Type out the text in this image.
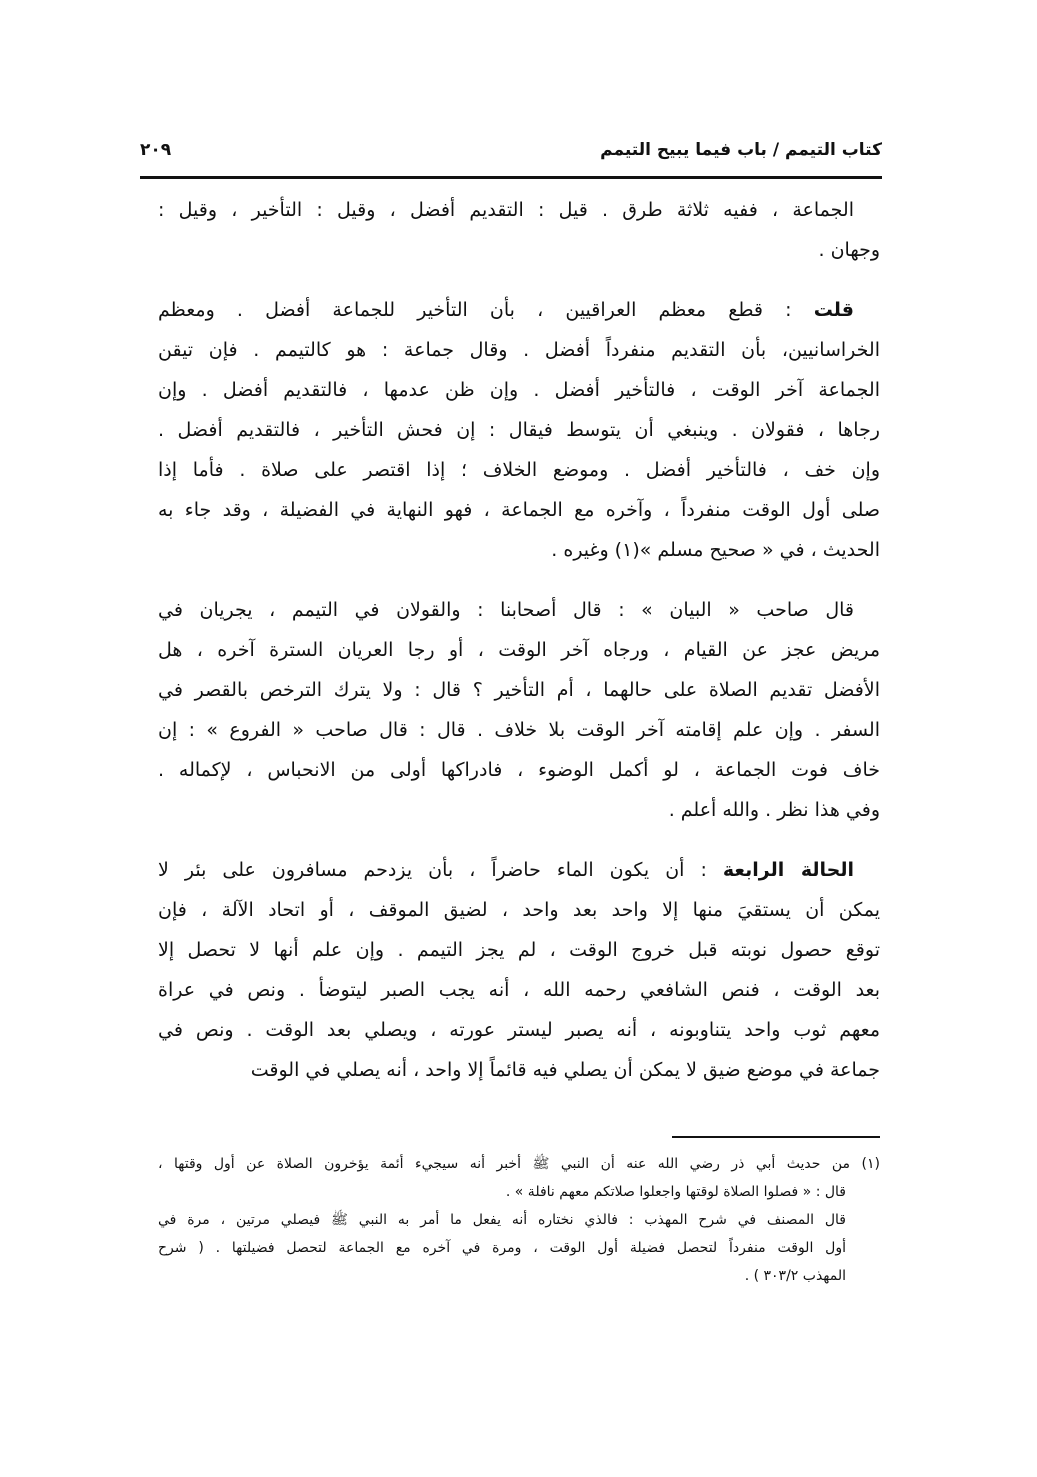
كتاب التيمم / باب فيما يبيح التيمم
٢٠٩
الجماعة ، ففيه ثلاثة طرق . قيل : التقديم أفضل ، وقيل : التأخير ، وقيل :
وجهان .
قلت : قطع معظم العراقيين ، بأن التأخير للجماعة أفضل . ومعظم
الخراسانيين، بأن التقديم منفرداً أفضل . وقال جماعة : هو كالتيمم . فإن تيقن
الجماعة آخر الوقت ، فالتأخير أفضل . وإن ظن عدمها ، فالتقديم أفضل . وإن
رجاها ، فقولان . وينبغي أن يتوسط فيقال : إن فحش التأخير ، فالتقديم أفضل .
وإن خف ، فالتأخير أفضل . وموضع الخلاف ؛ إذا اقتصر على صلاة . فأما إذا
صلى أول الوقت منفرداً ، وآخره مع الجماعة ، فهو النهاية في الفضيلة ، وقد جاء به
الحديث ، في « صحيح مسلم »(١) وغيره .
قال صاحب « البيان » : قال أصحابنا : والقولان في التيمم ، يجريان في
مريض عجز عن القيام ، ورجاه آخر الوقت ، أو رجا العريان السترة آخره ، هل
الأفضل تقديم الصلاة على حالهما ، أم التأخير ؟ قال : ولا يترك الترخص بالقصر في
السفر . وإن علم إقامته آخر الوقت بلا خلاف . قال : قال صاحب « الفروع » : إن
خاف فوت الجماعة ، لو أكمل الوضوء ، فادراكها أولى من الانحباس ، لإكماله .
وفي هذا نظر . والله أعلم .
الحالة الرابعة : أن يكون الماء حاضراً ، بأن يزدحم مسافرون على بئر لا
يمكن أن يستقيَ منها إلا واحد بعد واحد ، لضيق الموقف ، أو اتحاد الآلة ، فإن
توقع حصول نوبته قبل خروج الوقت ، لم يجز التيمم . وإن علم أنها لا تحصل إلا
بعد الوقت ، فنص الشافعي رحمه الله ، أنه يجب الصبر ليتوضأ . ونص في عراة
معهم ثوب واحد يتناوبونه ، أنه يصبر ليستر عورته ، ويصلي بعد الوقت . ونص في
جماعة في موضع ضيق لا يمكن أن يصلي فيه قائماً إلا واحد ، أنه يصلي في الوقت
(١) من حديث أبي ذر رضي الله عنه أن النبي ﷺ أخبر أنه سيجيء أئمة يؤخرون الصلاة عن أول وقتها ،
قال : « فصلوا الصلاة لوقتها واجعلوا صلاتكم معهم نافلة » .
قال المصنف في شرح المهذب : فالذي نختاره أنه يفعل ما أمر به النبي ﷺ فيصلي مرتين ، مرة في
أول الوقت منفرداً لتحصل فضيلة أول الوقت ، ومرة في آخره مع الجماعة لتحصل فضيلتها . ( شرح
المهذب ٣٠٣/٢ ) .
